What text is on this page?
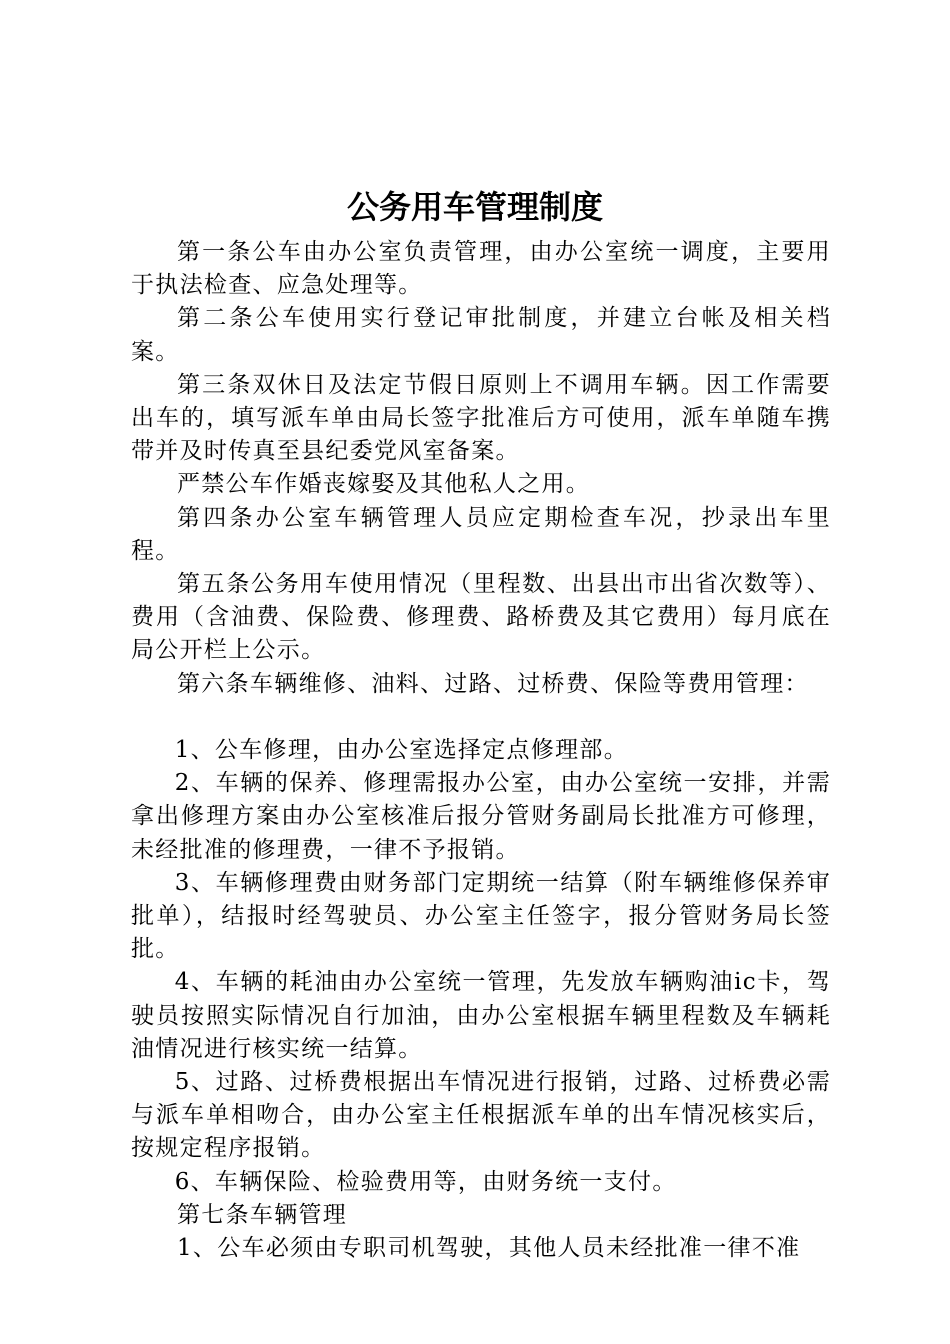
公务用车管理制度

第一条公车由办公室负责管理，由办公室统一调度，主要用于执法检查、应急处理等。

第二条公车使用实行登记审批制度，并建立台帐及相关档案。

第三条双休日及法定节假日原则上不调用车辆。因工作需要出车的，填写派车单由局长签字批准后方可使用，派车单随车携带并及时传真至县纪委党风室备案。

严禁公车作婚丧嫁娶及其他私人之用。

第四条办公室车辆管理人员应定期检查车况，抄录出车里程。

第五条公务用车使用情况（里程数、出县出市出省次数等）、费用（含油费、保险费、修理费、路桥费及其它费用）每月底在局公开栏上公示。

第六条车辆维修、油料、过路、过桥费、保险等费用管理：

1、公车修理，由办公室选择定点修理部。

2、车辆的保养、修理需报办公室，由办公室统一安排，并需拿出修理方案由办公室核准后报分管财务副局长批准方可修理，未经批准的修理费，一律不予报销。

3、车辆修理费由财务部门定期统一结算（附车辆维修保养审批单），结报时经驾驶员、办公室主任签字，报分管财务局长签批。

4、车辆的耗油由办公室统一管理，先发放车辆购油ic卡，驾驶员按照实际情况自行加油，由办公室根据车辆里程数及车辆耗油情况进行核实统一结算。

5、过路、过桥费根据出车情况进行报销，过路、过桥费必需与派车单相吻合，由办公室主任根据派车单的出车情况核实后，按规定程序报销。

6、车辆保险、检验费用等，由财务统一支付。

第七条车辆管理

1、公车必须由专职司机驾驶，其他人员未经批准一律不准
